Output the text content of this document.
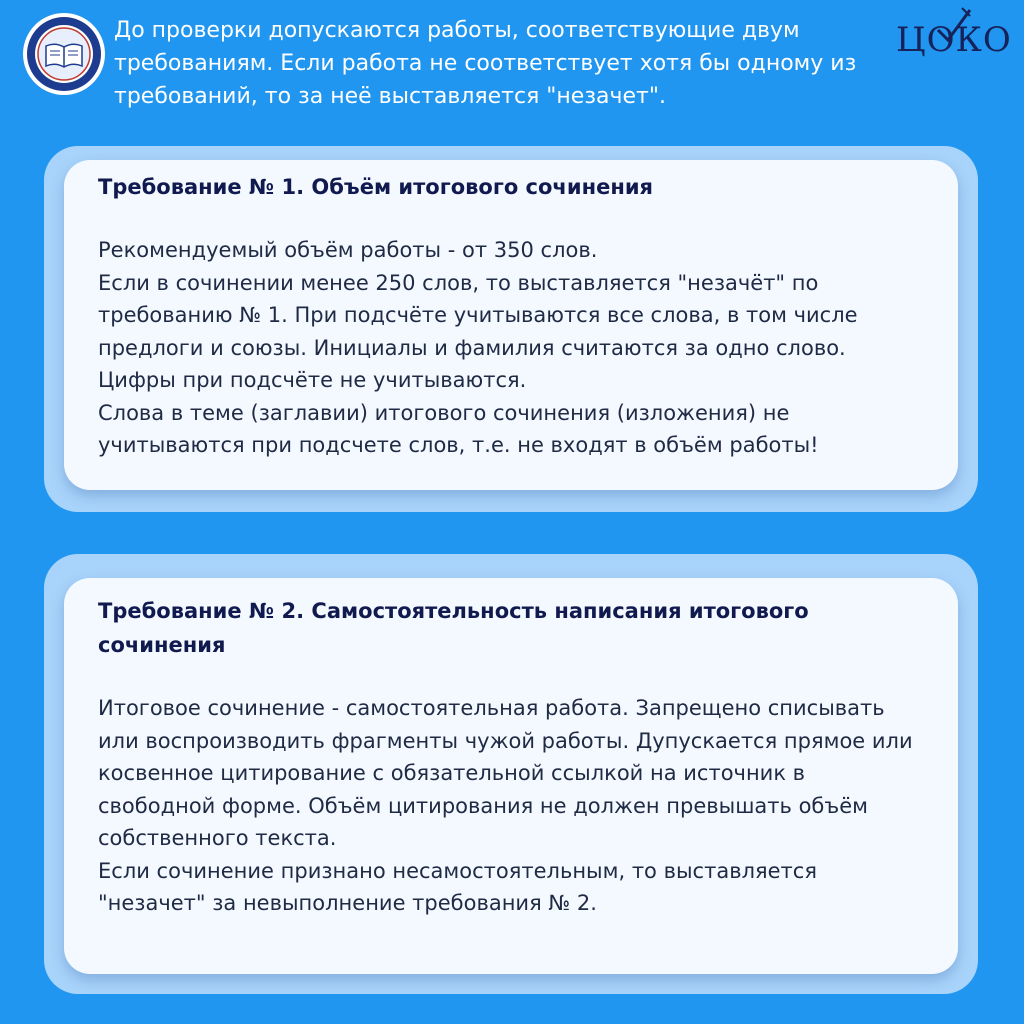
До проверки допускаются работы, соответствующие двум требованиям. Если работа не соответствует хотя бы одному из требований, то за неё выставляется "незачет".

ЦОКО
Требование № 1. Объём итогового сочинения

Рекомендуемый объём работы - от 350 слов.
Если в сочинении менее 250 слов, то выставляется "незачёт" по требованию № 1. При подсчёте учитываются все слова, в том числе предлоги и союзы. Инициалы и фамилия считаются за одно слово. Цифры при подсчёте не учитываются.
Слова в теме (заглавии) итогового сочинения (изложения) не учитываются при подсчете слов, т.е. не входят в объём работы!

Требование № 2. Самостоятельность написания итогового сочинения

Итоговое сочинение - самостоятельная работа. Запрещено списывать или воспроизводить фрагменты чужой работы. Дупускается прямое или косвенное цитирование с обязательной ссылкой на источник в свободной форме. Объём цитирования не должен превышать объём собственного текста.
Если сочинение признано несамостоятельным, то выставляется "незачет" за невыполнение требования № 2.
